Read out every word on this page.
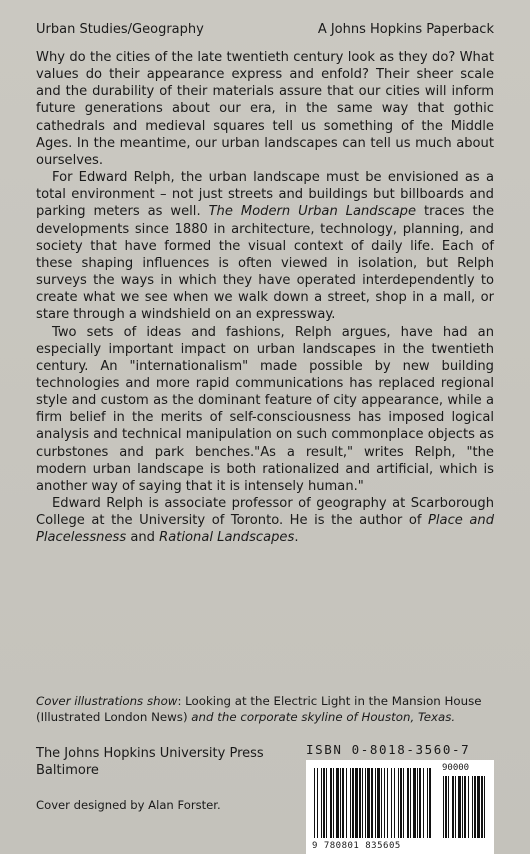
Urban Studies/Geography	A Johns Hopkins Paperback

Why do the cities of the late twentieth century look as they do? What values do their appearance express and enfold? Their sheer scale and the durability of their materials assure that our cities will inform future generations about our era, in the same way that gothic cathedrals and medieval squares tell us something of the Middle Ages. In the meantime, our urban landscapes can tell us much about ourselves.

For Edward Relph, the urban landscape must be envisioned as a total environment – not just streets and buildings but billboards and parking meters as well. The Modern Urban Landscape traces the developments since 1880 in architecture, technology, planning, and society that have formed the visual context of daily life. Each of these shaping influences is often viewed in isolation, but Relph surveys the ways in which they have operated interdependently to create what we see when we walk down a street, shop in a mall, or stare through a windshield on an expressway.

Two sets of ideas and fashions, Relph argues, have had an especially important impact on urban landscapes in the twentieth century. An "internationalism" made possible by new building technologies and more rapid communications has replaced regional style and custom as the dominant feature of city appearance, while a firm belief in the merits of self-consciousness has imposed logical analysis and technical manipulation on such commonplace objects as curbstones and park benches."As a result," writes Relph, "the modern urban landscape is both rationalized and artificial, which is another way of saying that it is intensely human."

Edward Relph is associate professor of geography at Scarborough College at the University of Toronto. He is the author of Place and Placelessness and Rational Landscapes.

Cover illustrations show: Looking at the Electric Light in the Mansion House (Illustrated London News) and the corporate skyline of Houston, Texas.
The Johns Hopkins University Press
Baltimore
Cover designed by Alan Forster.
ISBN 0-8018-3560-7
90000
9 780801 835605
